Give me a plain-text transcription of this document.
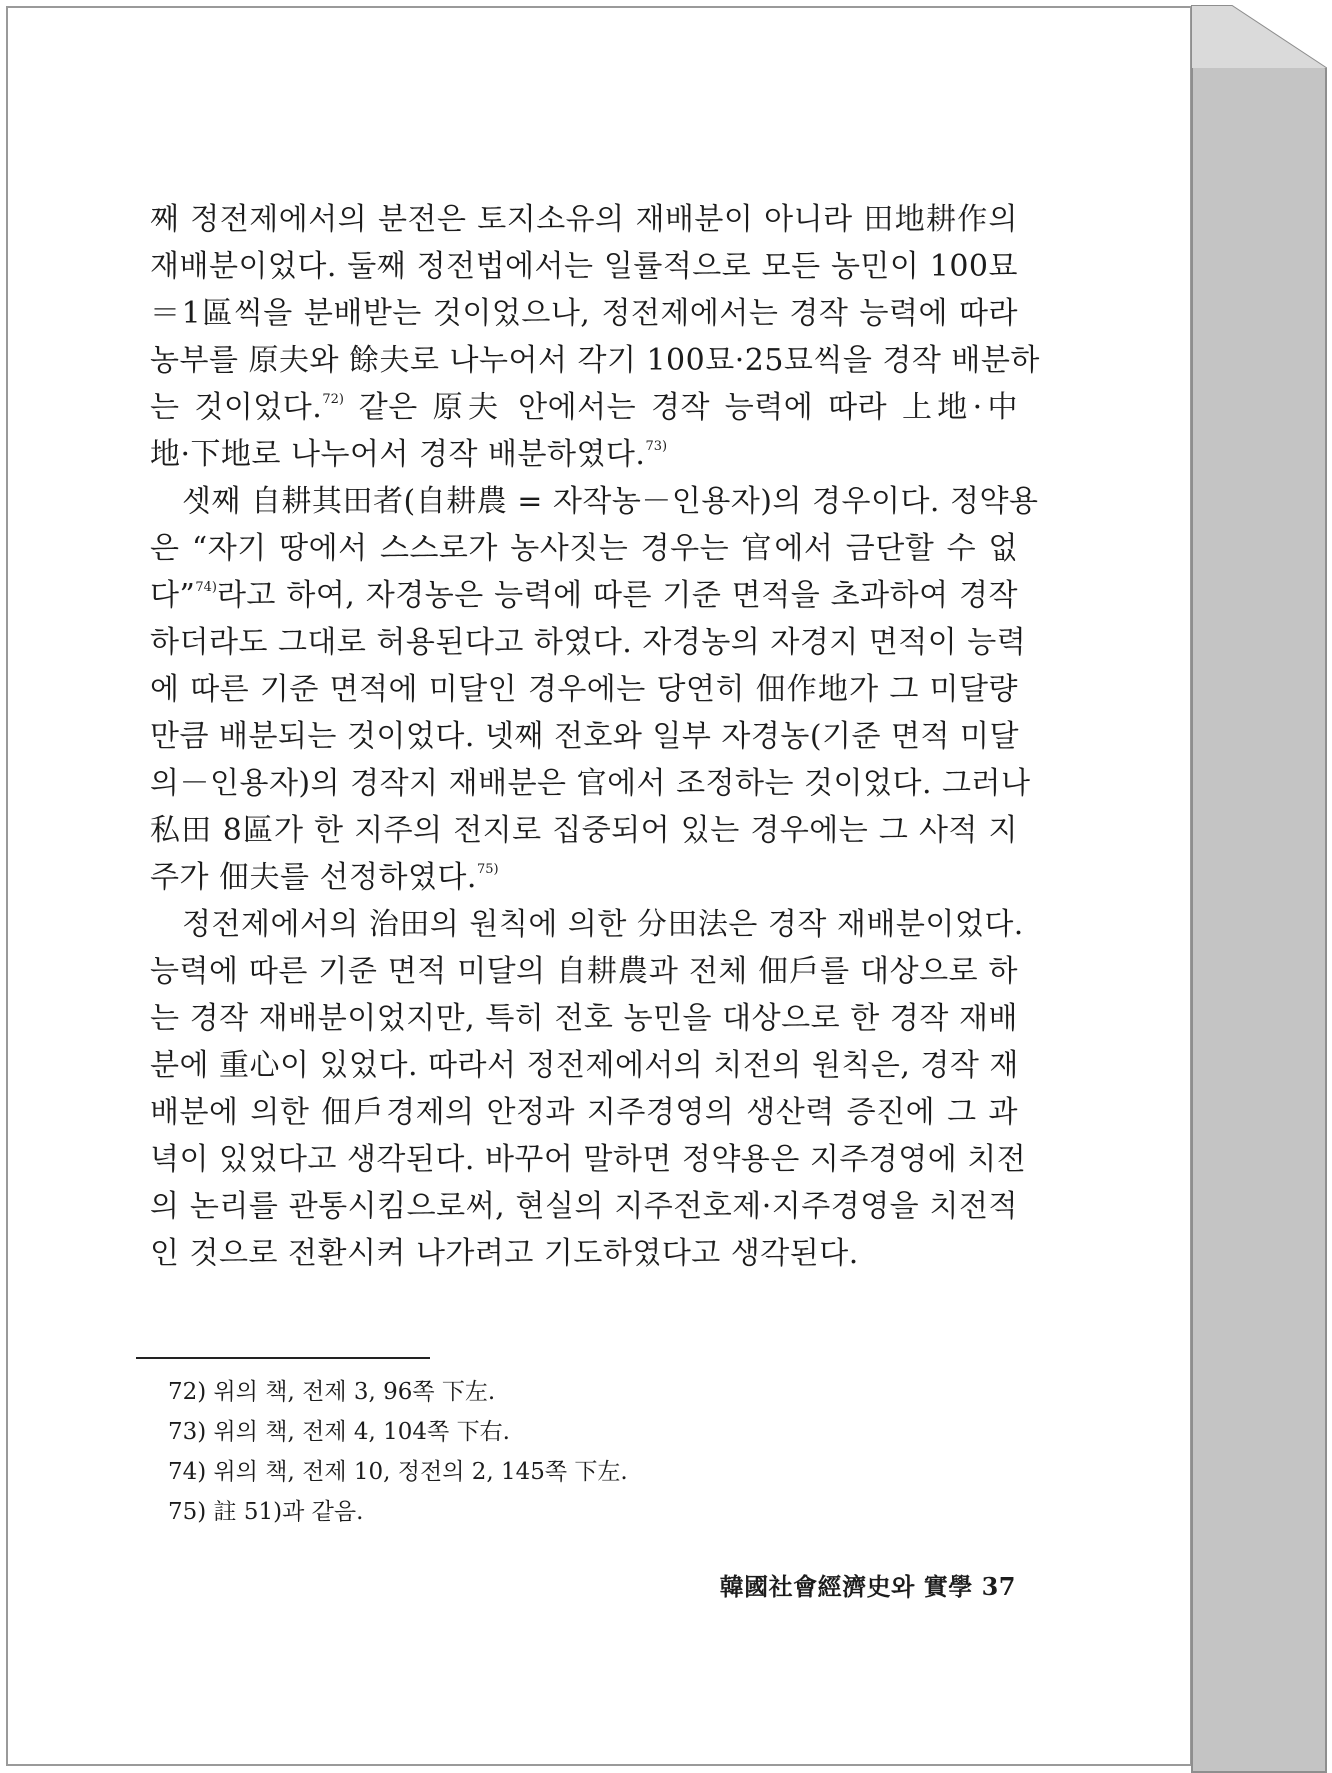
째 정전제에서의 분전은 토지소유의 재배분이 아니라 田地耕作의
재배분이었다. 둘째 정전법에서는 일률적으로 모든 농민이 100묘
＝1區씩을 분배받는 것이었으나, 정전제에서는 경작 능력에 따라
농부를 原夫와 餘夫로 나누어서 각기 100묘·25묘씩을 경작 배분하
는 것이었다.$^{72)}$ 같은 原夫 안에서는 경작 능력에 따라 上地·中
地·下地로 나누어서 경작 배분하였다.$^{73)}$
셋째 自耕其田者(自耕農 = 자작농－인용자)의 경우이다. 정약용
은 “자기 땅에서 스스로가 농사짓는 경우는 官에서 금단할 수 없
다”$^{74)}$라고 하여, 자경농은 능력에 따른 기준 면적을 초과하여 경작
하더라도 그대로 허용된다고 하였다. 자경농의 자경지 면적이 능력
에 따른 기준 면적에 미달인 경우에는 당연히 佃作地가 그 미달량
만큼 배분되는 것이었다. 넷째 전호와 일부 자경농(기준 면적 미달
의－인용자)의 경작지 재배분은 官에서 조정하는 것이었다. 그러나
私田 8區가 한 지주의 전지로 집중되어 있는 경우에는 그 사적 지
주가 佃夫를 선정하였다.$^{75)}$
정전제에서의 治田의 원칙에 의한 分田法은 경작 재배분이었다.
능력에 따른 기준 면적 미달의 自耕農과 전체 佃戶를 대상으로 하
는 경작 재배분이었지만, 특히 전호 농민을 대상으로 한 경작 재배
분에 重心이 있었다. 따라서 정전제에서의 치전의 원칙은, 경작 재
배분에 의한 佃戶경제의 안정과 지주경영의 생산력 증진에 그 과
녁이 있었다고 생각된다. 바꾸어 말하면 정약용은 지주경영에 치전
의 논리를 관통시킴으로써, 현실의 지주전호제·지주경영을 치전적
인 것으로 전환시켜 나가려고 기도하였다고 생각된다.
72) 위의 책, 전제 3, 96쪽 下左.
73) 위의 책, 전제 4, 104쪽 下右.
74) 위의 책, 전제 10, 정전의 2, 145쪽 下左.
75) 註 51)과 같음.
韓國社會經濟史와 實學 37
